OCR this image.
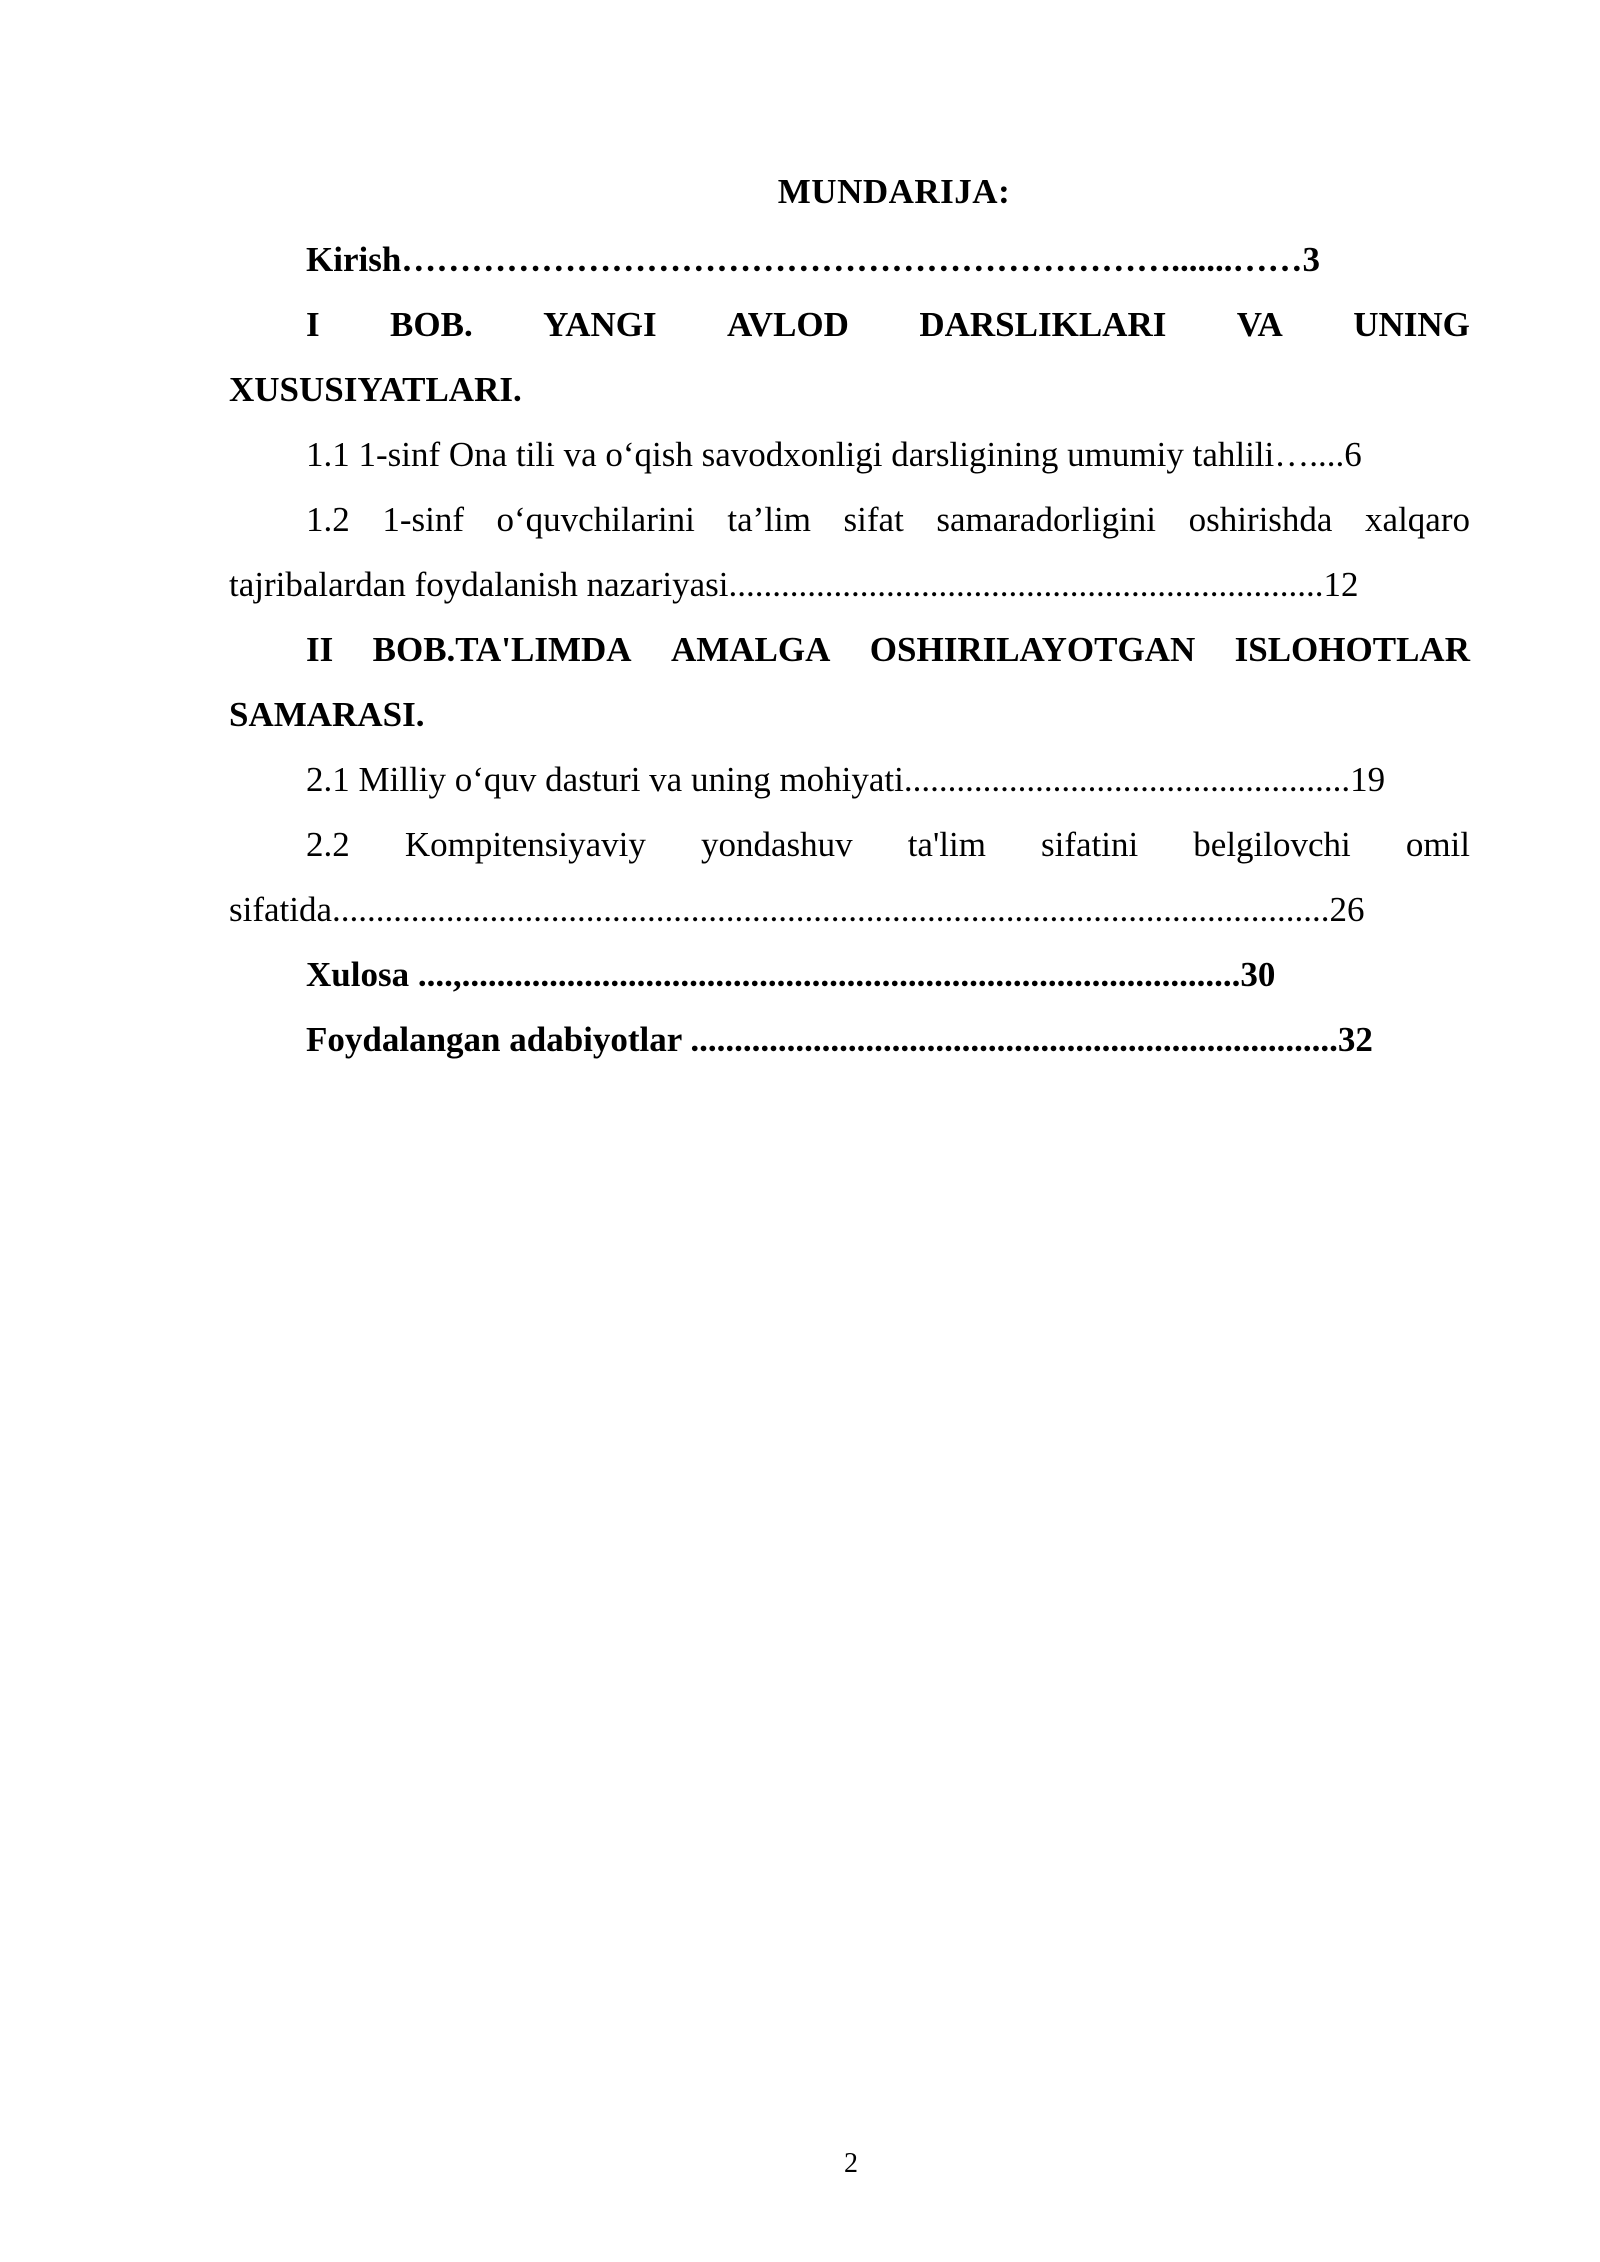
MUNDARIJA:
Kirish………………………………………………………….......……3
I BOB. YANGI AVLOD DARSLIKLARI VA UNING
XUSUSIYATLARI.
1.1 1-sinf Ona tili va o‘qish savodxonligi darsligining umumiy tahlili…....6
1.2 1-sinf o‘quvchilarini ta’lim sifat samaradorligini oshirishda xalqaro
tajribalardan foydalanish nazariyasi....................................................................12
II BOB.TA'LIMDA AMALGA OSHIRILAYOTGAN ISLOHOTLAR
SAMARASI.
2.1 Milliy o‘quv dasturi va uning mohiyati...................................................19
2.2 Kompitensiyaviy yondashuv ta'lim sifatini belgilovchi omil
sifatida..................................................................................................................26
Xulosa ....,.........................................................................................30
Foydalangan adabiyotlar ..........................................................................32
2
